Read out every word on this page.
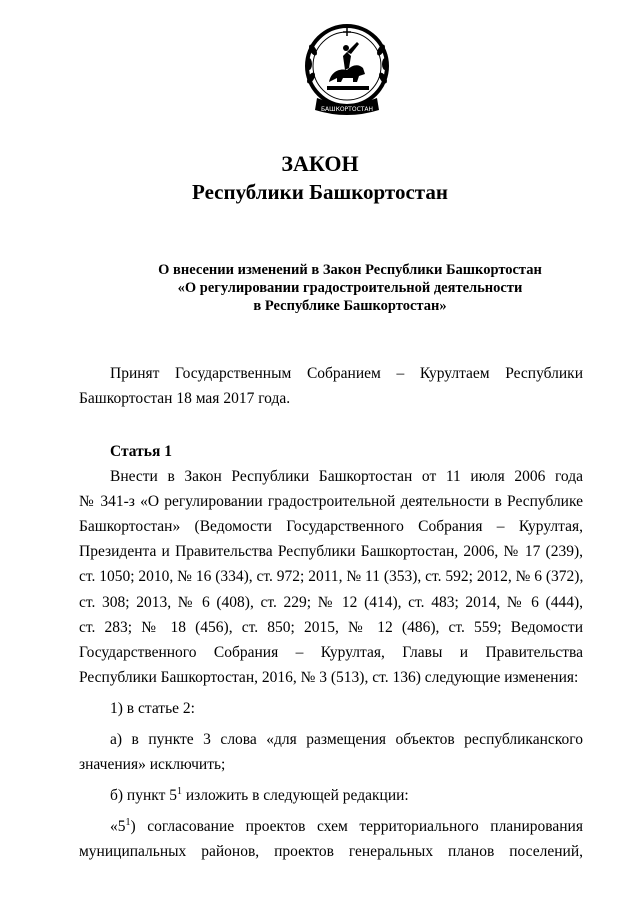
БАШКОРТОСТАН
ЗАКОН
Республики Башкортостан
О внесении изменений в Закон Республики Башкортостан
«О регулировании градостроительной деятельности
в Республике Башкортостан»
Принят Государственным Собранием – Курултаем Республики
Башкортостан 18 мая 2017 года.
Статья 1
Внести в Закон Республики Башкортостан от 11 июля 2006 года
№ 341-з «О регулировании градостроительной деятельности в Республике
Башкортостан» (Ведомости Государственного Собрания – Курултая,
Президента и Правительства Республики Башкортостан, 2006, № 17 (239),
ст. 1050; 2010, № 16 (334), ст. 972; 2011, № 11 (353), ст. 592; 2012, № 6 (372),
ст. 308; 2013, № 6 (408), ст. 229; № 12 (414), ст. 483; 2014, № 6 (444),
ст. 283; № 18 (456), ст. 850; 2015, № 12 (486), ст. 559; Ведомости
Государственного Собрания – Курултая, Главы и Правительства
Республики Башкортостан, 2016, № 3 (513), ст. 136) следующие изменения:
1) в статье 2:
а) в пункте 3 слова «для размещения объектов республиканского
значения» исключить;
б) пункт $5^1$ изложить в следующей редакции:
«$5^1$) согласование проектов схем территориального планирования
муниципальных районов, проектов генеральных планов поселений,
